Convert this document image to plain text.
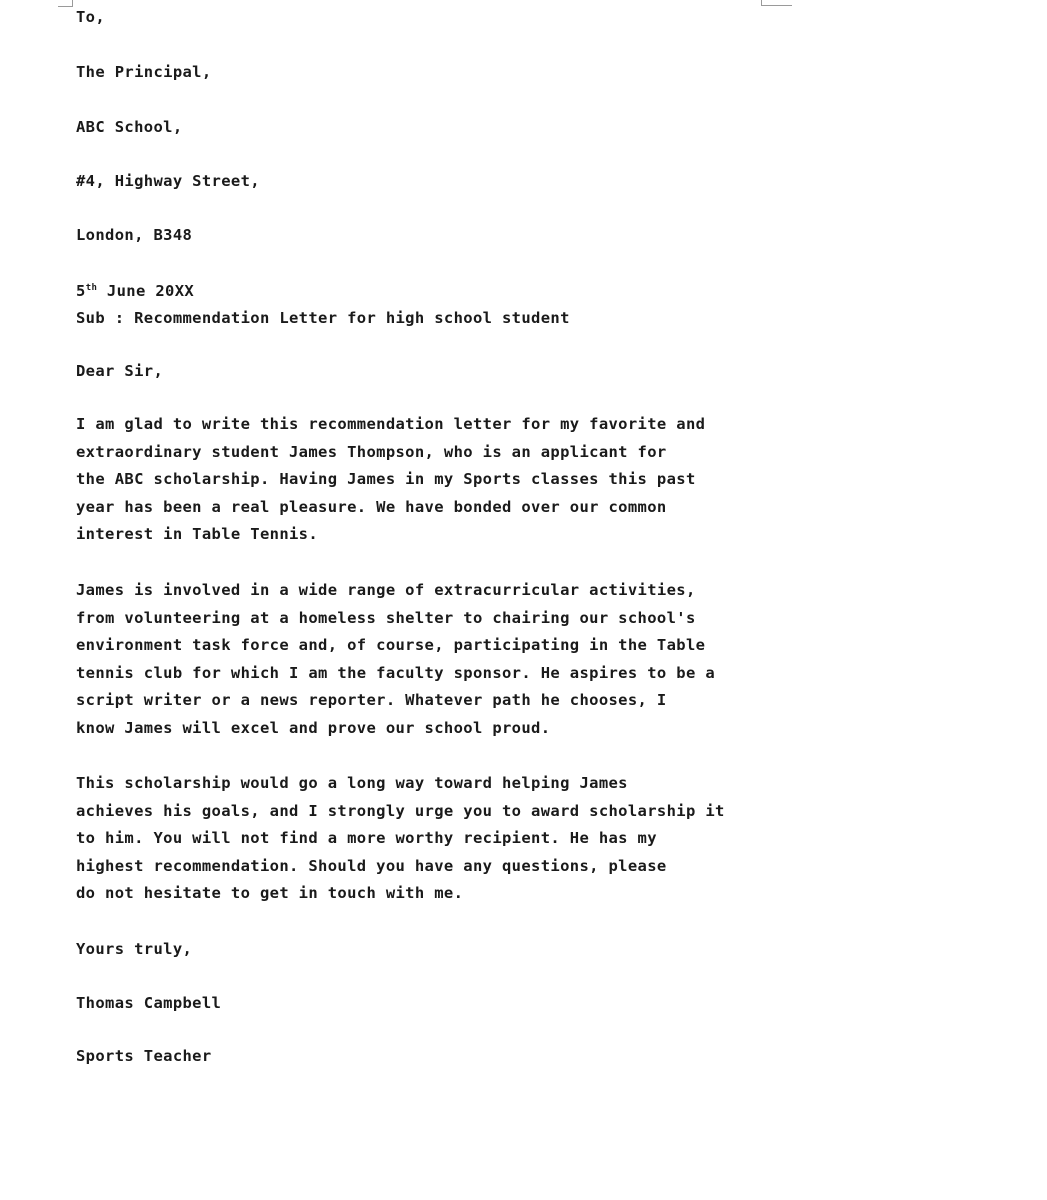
To,

The Principal,

ABC School,

#4, Highway Street,

London, B348

5th June 20XX

Sub : Recommendation Letter for high school student

Dear Sir,

I am glad to write this recommendation letter for my favorite and
extraordinary student James Thompson, who is an applicant for
the ABC scholarship. Having James in my Sports classes this past
year has been a real pleasure. We have bonded over our common
interest in Table Tennis.
James is involved in a wide range of extracurricular activities,
from volunteering at a homeless shelter to chairing our school's
environment task force and, of course, participating in the Table
tennis club for which I am the faculty sponsor. He aspires to be a
script writer or a news reporter. Whatever path he chooses, I
know James will excel and prove our school proud.
This scholarship would go a long way toward helping James
achieves his goals, and I strongly urge you to award scholarship it
to him. You will not find a more worthy recipient. He has my
highest recommendation. Should you have any questions, please
do not hesitate to get in touch with me.

Yours truly,

Thomas Campbell

Sports Teacher
